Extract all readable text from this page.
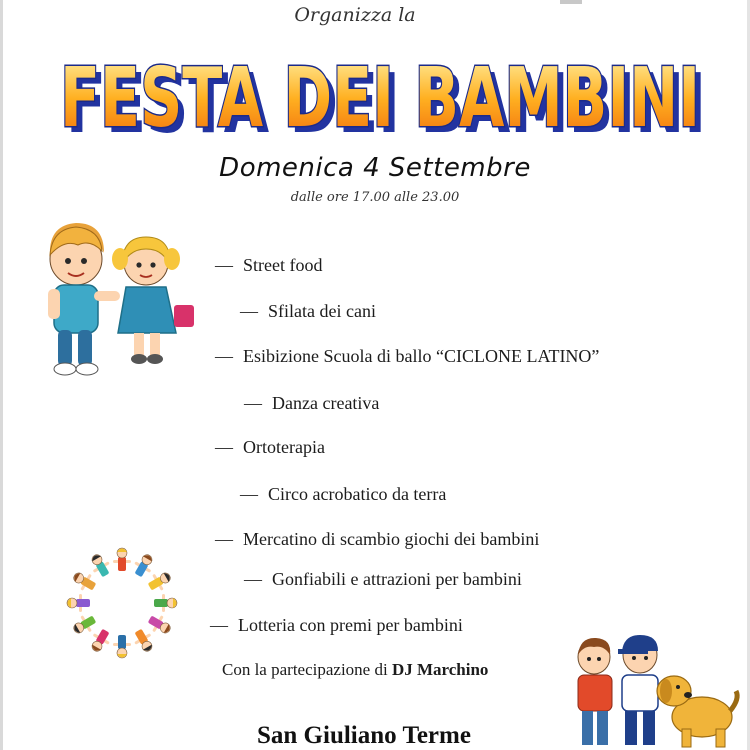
Organizza la
FESTA DEI BAMBINI
FESTA DEI BAMBINI
Domenica 4 Settembre
dalle ore 17.00 alle 23.00
— Street food
— Sfilata dei cani
— Esibizione Scuola di ballo “CICLONE LATINO”
— Danza creativa
— Ortoterapia
— Circo acrobatico da terra
— Mercatino di scambio giochi dei bambini
— Gonfiabili e attrazioni per bambini
— Lotteria con premi per bambini
Con la partecipazione di DJ Marchino
San Giuliano Terme
